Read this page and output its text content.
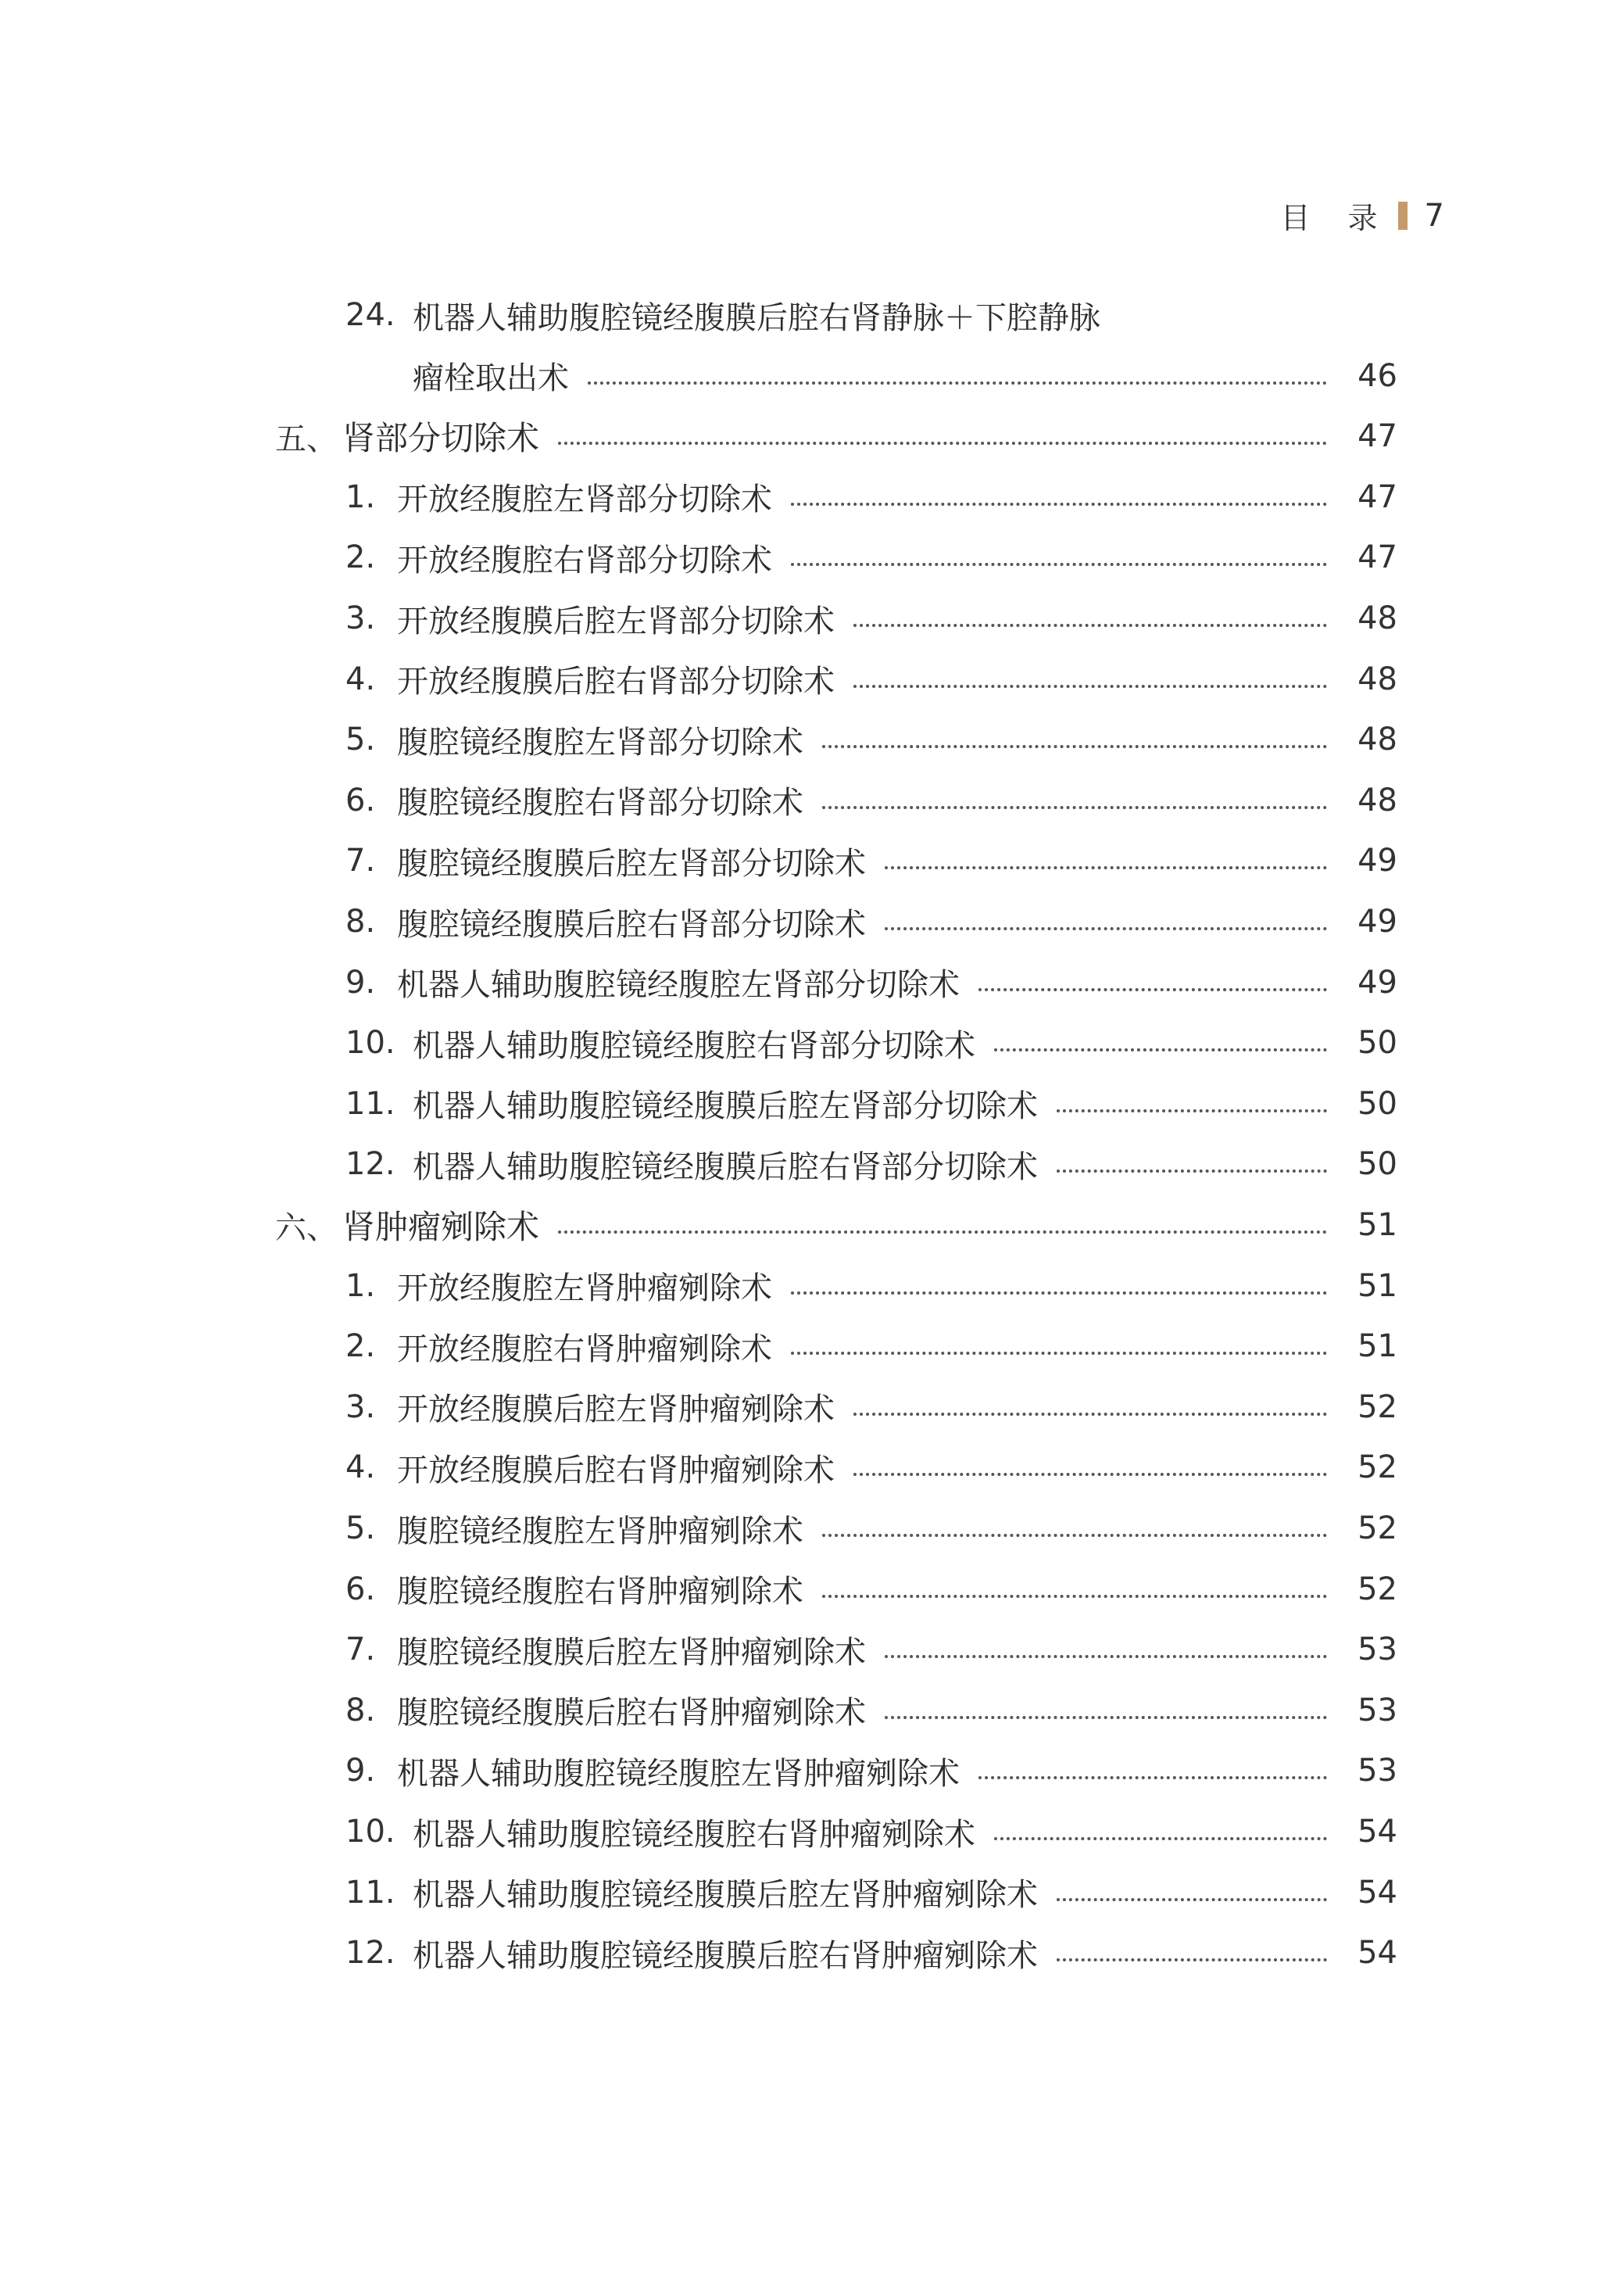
目 录 7
24. 机器人辅助腹腔镜经腹膜后腔右肾静脉＋下腔静脉
瘤栓取出术	46
五、 肾部分切除术	47
1. 开放经腹腔左肾部分切除术	47
2. 开放经腹腔右肾部分切除术	47
3. 开放经腹膜后腔左肾部分切除术	48
4. 开放经腹膜后腔右肾部分切除术	48
5. 腹腔镜经腹腔左肾部分切除术	48
6. 腹腔镜经腹腔右肾部分切除术	48
7. 腹腔镜经腹膜后腔左肾部分切除术	49
8. 腹腔镜经腹膜后腔右肾部分切除术	49
9. 机器人辅助腹腔镜经腹腔左肾部分切除术	49
10. 机器人辅助腹腔镜经腹腔右肾部分切除术	50
11. 机器人辅助腹腔镜经腹膜后腔左肾部分切除术	50
12. 机器人辅助腹腔镜经腹膜后腔右肾部分切除术	50
六、 肾肿瘤剜除术	51
1. 开放经腹腔左肾肿瘤剜除术	51
2. 开放经腹腔右肾肿瘤剜除术	51
3. 开放经腹膜后腔左肾肿瘤剜除术	52
4. 开放经腹膜后腔右肾肿瘤剜除术	52
5. 腹腔镜经腹腔左肾肿瘤剜除术	52
6. 腹腔镜经腹腔右肾肿瘤剜除术	52
7. 腹腔镜经腹膜后腔左肾肿瘤剜除术	53
8. 腹腔镜经腹膜后腔右肾肿瘤剜除术	53
9. 机器人辅助腹腔镜经腹腔左肾肿瘤剜除术	53
10. 机器人辅助腹腔镜经腹腔右肾肿瘤剜除术	54
11. 机器人辅助腹腔镜经腹膜后腔左肾肿瘤剜除术	54
12. 机器人辅助腹腔镜经腹膜后腔右肾肿瘤剜除术	54
